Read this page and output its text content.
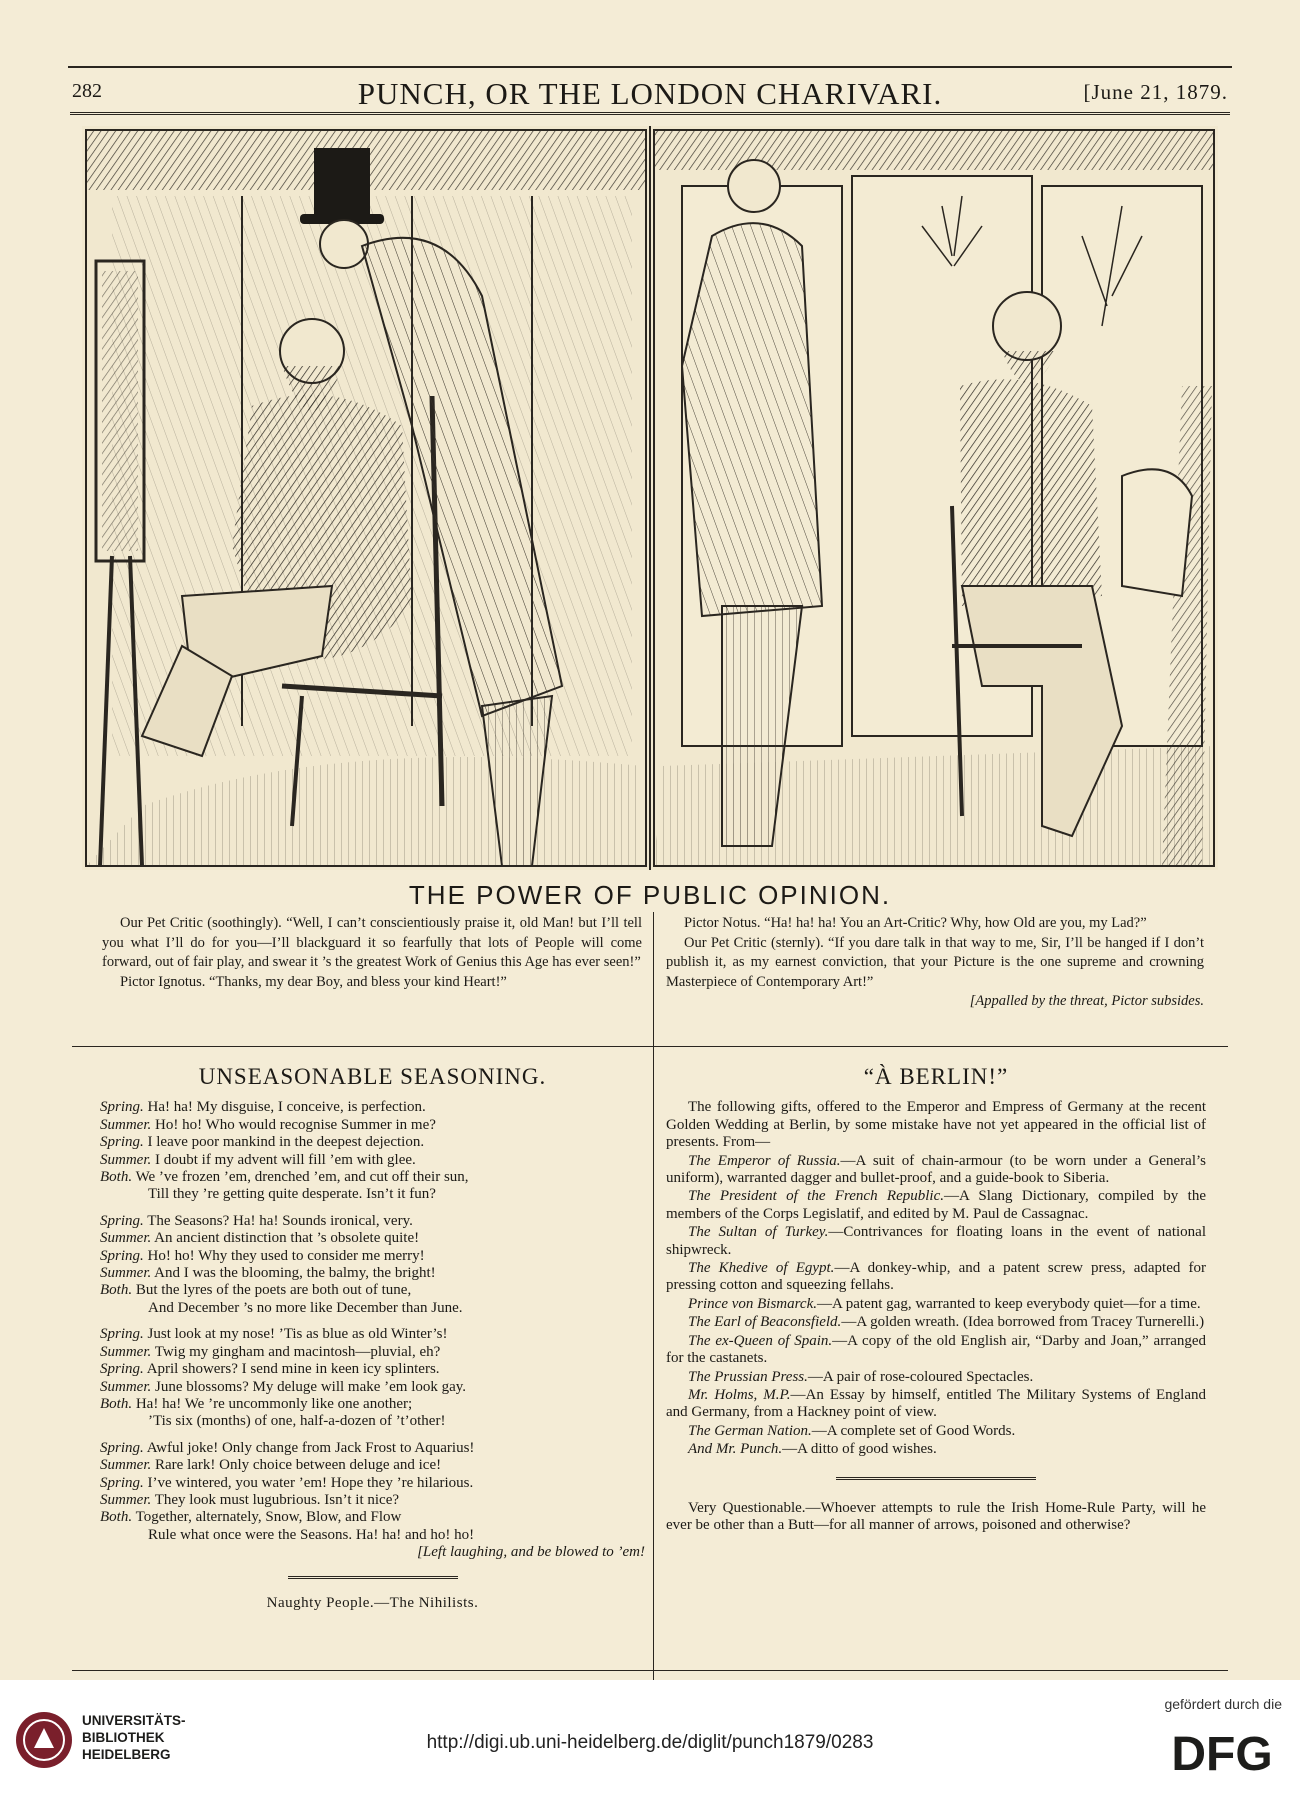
282	PUNCH, OR THE LONDON CHARIVARI.	[June 21, 1879.
THE POWER OF PUBLIC OPINION.

Our Pet Critic (soothingly). “Well, I can’t conscientiously praise it, old Man! but I’ll tell you what I’ll do for you—I’ll blackguard it so fearfully that lots of People will come forward, out of fair play, and swear it ’s the greatest Work of Genius this Age has ever seen!”

Pictor Ignotus. “Thanks, my dear Boy, and bless your kind Heart!”

Pictor Notus. “Ha! ha! ha! You an Art-Critic? Why, how Old are you, my Lad?”

Our Pet Critic (sternly). “If you dare talk in that way to me, Sir, I’ll be hanged if I don’t publish it, as my earnest conviction, that your Picture is the one supreme and crowning Masterpiece of Contemporary Art!”

[Appalled by the threat, Pictor subsides.
UNSEASONABLE SEASONING.
Spring. Ha! ha! My disguise, I conceive, is perfection.
Summer. Ho! ho! Who would recognise Summer in me?
Spring. I leave poor mankind in the deepest dejection.
Summer. I doubt if my advent will fill ’em with glee.
Both. We ’ve frozen ’em, drenched ’em, and cut off their sun,
Till they ’re getting quite desperate. Isn’t it fun?
Spring. The Seasons? Ha! ha! Sounds ironical, very.
Summer. An ancient distinction that ’s obsolete quite!
Spring. Ho! ho! Why they used to consider me merry!
Summer. And I was the blooming, the balmy, the bright!
Both. But the lyres of the poets are both out of tune,
And December ’s no more like December than June.
Spring. Just look at my nose! ’Tis as blue as old Winter’s!
Summer. Twig my gingham and macintosh—pluvial, eh?
Spring. April showers? I send mine in keen icy splinters.
Summer. June blossoms? My deluge will make ’em look gay.
Both. Ha! ha! We ’re uncommonly like one another;
’Tis six (months) of one, half-a-dozen of ’t’other!
Spring. Awful joke! Only change from Jack Frost to Aquarius!
Summer. Rare lark! Only choice between deluge and ice!
Spring. I’ve wintered, you water ’em! Hope they ’re hilarious.
Summer. They look must lugubrious. Isn’t it nice?
Both. Together, alternately, Snow, Blow, and Flow
Rule what once were the Seasons. Ha! ha! and ho! ho!
[Left laughing, and be blowed to ’em!
Naughty People.—The Nihilists.
“À BERLIN!”
The following gifts, offered to the Emperor and Empress of Germany at the recent Golden Wedding at Berlin, by some mistake have not yet appeared in the official list of presents. From—
The Emperor of Russia.—A suit of chain-armour (to be worn under a General’s uniform), warranted dagger and bullet-proof, and a guide-book to Siberia.
The President of the French Republic.—A Slang Dictionary, compiled by the members of the Corps Legislatif, and edited by M. Paul de Cassagnac.
The Sultan of Turkey.—Contrivances for floating loans in the event of national shipwreck.
The Khedive of Egypt.—A donkey-whip, and a patent screw press, adapted for pressing cotton and squeezing fellahs.
Prince von Bismarck.—A patent gag, warranted to keep everybody quiet—for a time.
The Earl of Beaconsfield.—A golden wreath. (Idea borrowed from Tracey Turnerelli.)
The ex-Queen of Spain.—A copy of the old English air, “Darby and Joan,” arranged for the castanets.
The Prussian Press.—A pair of rose-coloured Spectacles.
Mr. Holms, M.P.—An Essay by himself, entitled The Military Systems of England and Germany, from a Hackney point of view.
The German Nation.—A complete set of Good Words.
And Mr. Punch.—A ditto of good wishes.
Very Questionable.—Whoever attempts to rule the Irish Home-Rule Party, will he ever be other than a Butt—for all manner of arrows, poisoned and otherwise?
UNIVERSITÄTS-
BIBLIOTHEK
HEIDELBERG
http://digi.ub.uni-heidelberg.de/diglit/punch1879/0283
gefördert durch die
DFG
